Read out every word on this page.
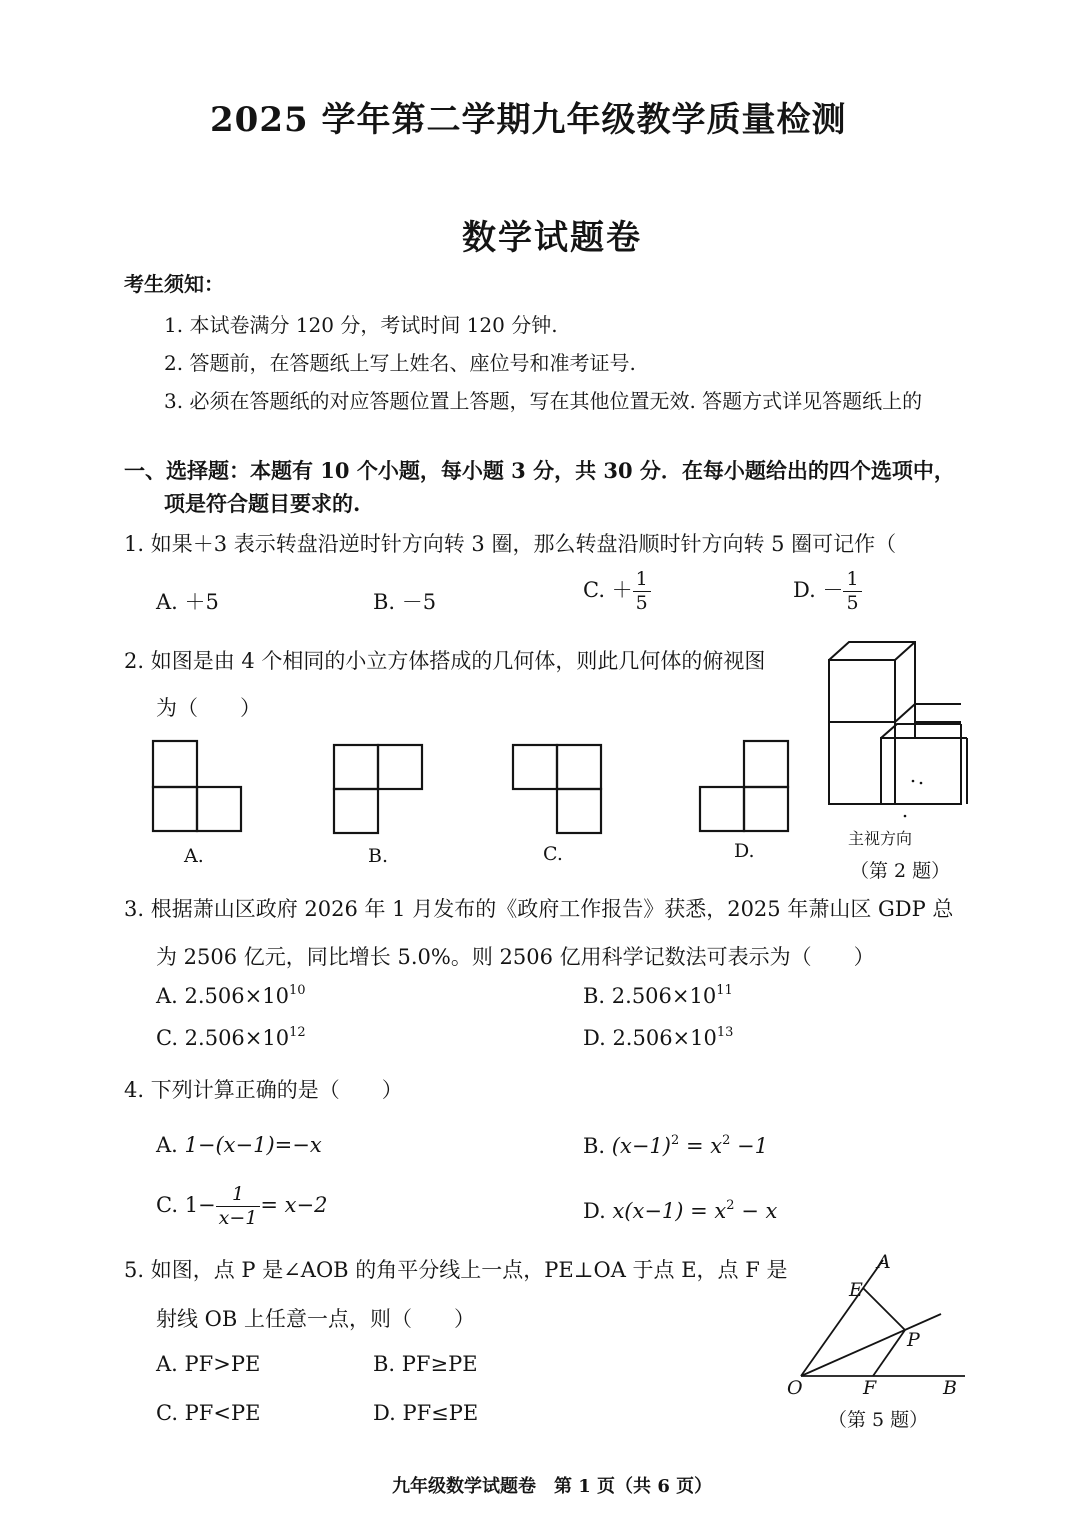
2025 学年第二学期九年级教学质量检测
数学试题卷
考生须知：
1. 本试卷满分 120 分，考试时间 120 分钟.
2. 答题前，在答题纸上写上姓名、座位号和准考证号.
3. 必须在答题纸的对应答题位置上答题，写在其他位置无效. 答题方式详见答题纸上的
一、选择题：本题有 10 个小题，每小题 3 分，共 30 分．在每小题给出的四个选项中，
项是符合题目要求的.
1. 如果＋3 表示转盘沿逆时针方向转 3 圈，那么转盘沿顺时针方向转 5 圈可记作（
A. ＋5	B. －5
C. ＋ $\frac{1}{5}$	D. － $\frac{1}{5}$
2. 如图是由 4 个相同的小立方体搭成的几何体，则此几何体的俯视图
为（　　）
A.	B.	C.	D.
主视方向
（第 2 题）
3. 根据萧山区政府 2026 年 1 月发布的《政府工作报告》获悉，2025 年萧山区 GDP 总
为 2506 亿元，同比增长 5.0%。则 2506 亿用科学记数法可表示为（　　）
A. $2.506\times 10^{10}$	B. $2.506\times 10^{11}$
C. $2.506\times 10^{12}$	D. $2.506\times 10^{13}$
4. 下列计算正确的是（　　）
A. 1−(x−1)=−x	B. $(x-1)^2 = x^2 -1$
C. $1- \frac{1}{x-1} = x-2$	D. $x(x-1) = x^2 - x$
5. 如图，点 P 是∠AOB 的角平分线上一点，PE⊥OA 于点 E，点 F 是
射线 OB 上任意一点，则（　　）
A. PF>PE	B. PF≥PE
C. PF<PE	D. PF≤PE
A
E
P
O	F	B
（第 5 题）
九年级数学试题卷　第 1 页（共 6 页）
